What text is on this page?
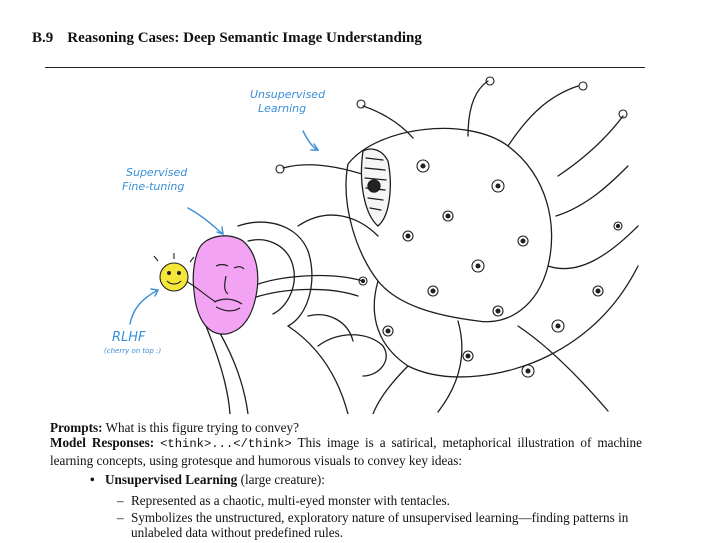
B.9 Reasoning Cases: Deep Semantic Image Understanding
Unsupervised
Learning
Supervised
Fine-tuning
RLHF
(cherry on top :)

Prompts: What is this figure trying to convey?

Model Responses: <think>...</think> This image is a satirical, metaphorical illustration of machine learning concepts, using grotesque and humorous visuals to convey key ideas:

• Unsupervised Learning (large creature):
– Represented as a chaotic, multi-eyed monster with tentacles.
– Symbolizes the unstructured, exploratory nature of unsupervised learning—finding patterns in unlabeled data without predefined rules.
